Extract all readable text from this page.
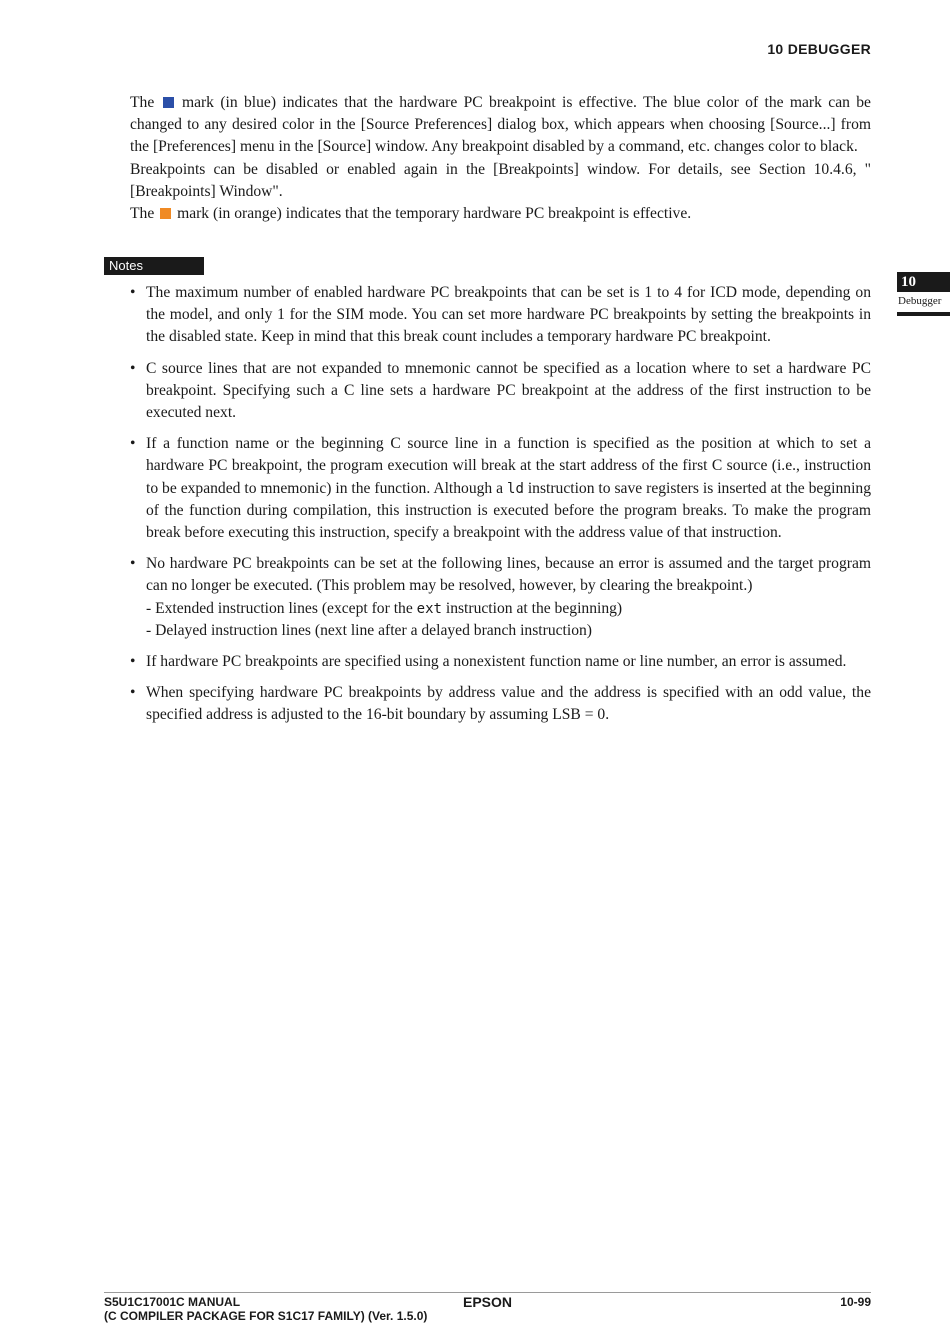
10 DEBUGGER

The mark (in blue) indicates that the hardware PC breakpoint is effective. The blue color of the mark can be changed to any desired color in the [Source Preferences] dialog box, which appears when choosing [Source...] from the [Preferences] menu in the [Source] window. Any breakpoint disabled by a command, etc. changes color to black.

Breakpoints can be disabled or enabled again in the [Breakpoints] window. For details, see Section 10.4.6, "[Breakpoints] Window".

The mark (in orange) indicates that the temporary hardware PC breakpoint is effective.

Notes
• The maximum number of enabled hardware PC breakpoints that can be set is 1 to 4 for ICD mode, depending on the model, and only 1 for the SIM mode. You can set more hardware PC breakpoints by setting the breakpoints in the disabled state. Keep in mind that this break count includes a temporary hardware PC breakpoint.
• C source lines that are not expanded to mnemonic cannot be specified as a location where to set a hardware PC breakpoint. Specifying such a C line sets a hardware PC breakpoint at the address of the first instruction to be executed next.
• If a function name or the beginning C source line in a function is specified as the position at which to set a hardware PC breakpoint, the program execution will break at the start address of the first C source (i.e., instruction to be expanded to mnemonic) in the function. Although a ld instruction to save registers is inserted at the beginning of the function during compilation, this instruction is executed before the program breaks. To make the program break before executing this instruction, specify a breakpoint with the address value of that instruction.
• No hardware PC breakpoints can be set at the following lines, because an error is assumed and the target program can no longer be executed. (This problem may be resolved, however, by clearing the breakpoint.)
- Extended instruction lines (except for the ext instruction at the beginning)
- Delayed instruction lines (next line after a delayed branch instruction)
• If hardware PC breakpoints are specified using a nonexistent function name or line number, an error is assumed.
• When specifying hardware PC breakpoints by address value and the address is specified with an odd value, the specified address is adjusted to the 16-bit boundary by assuming LSB = 0.
10
Debugger
S5U1C17001C MANUAL
(C COMPILER PACKAGE FOR S1C17 FAMILY) (Ver. 1.5.0)
EPSON	10-99
